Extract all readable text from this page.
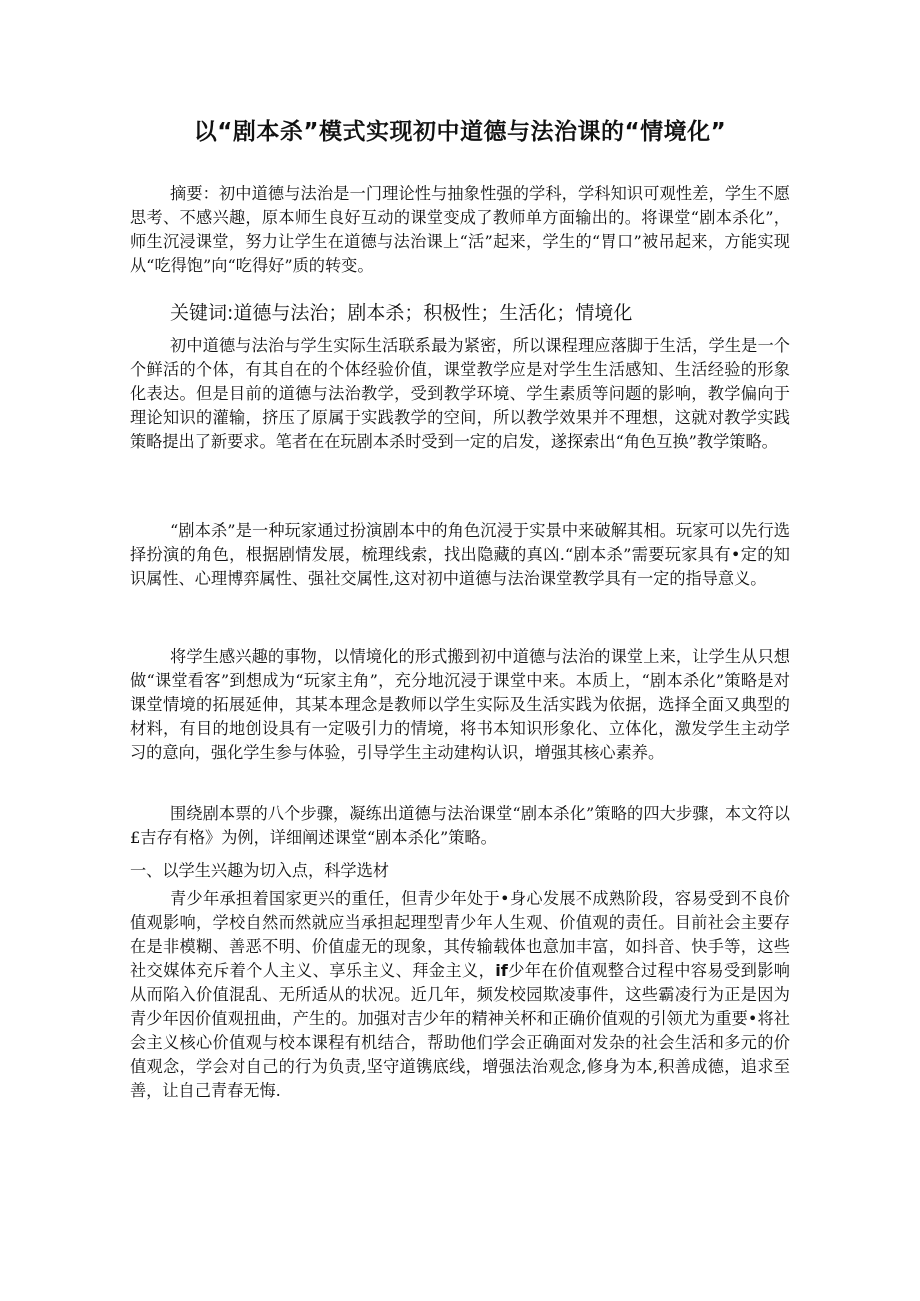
以“剧本杀”模式实现初中道德与法治课的“情境化”
摘要：初中道德与法治是一门理论性与抽象性强的学科，学科知识可观性差，学生不愿思考、不感兴趣，原本师生良好互动的课堂变成了教师单方面输出的。将课堂“剧本杀化”，师生沉浸课堂，努力让学生在道德与法治课上“活”起来，学生的“胃口”被吊起来，方能实现从“吃得饱”向“吃得好”质的转变。
关键词:道德与法治；剧本杀；积极性；生活化；情境化
初中道德与法治与学生实际生活联系最为紧密，所以课程理应落脚于生活，学生是一个个鲜活的个体，有其自在的个体经验价值，课堂教学应是对学生生活感知、生活经验的形象化表达。但是目前的道德与法治教学，受到教学环境、学生素质等问题的影响，教学偏向于理论知识的灌输，挤压了原属于实践教学的空间，所以教学效果并不理想，这就对教学实践策略提出了新要求。笔者在在玩剧本杀时受到一定的启发，遂探索出“角色互换”教学策略。
“剧本杀”是一种玩家通过扮演剧本中的角色沉浸于实景中来破解其相。玩家可以先行选择扮演的角色，根据剧情发展，梳理线索，找出隐藏的真凶.“剧本杀”需要玩家具有•定的知识属性、心理博弈属性、强社交属性,这对初中道德与法治课堂教学具有一定的指导意义。
将学生感兴趣的事物，以情境化的形式搬到初中道德与法治的课堂上来，让学生从只想做“课堂看客”到想成为“玩家主角”，充分地沉浸于课堂中来。本质上，“剧本杀化”策略是对课堂情境的拓展延伸，其某本理念是教师以学生实际及生活实践为依据，选择全面又典型的材料，有目的地创设具有一定吸引力的情境，将书本知识形象化、立体化，激发学生主动学习的意向，强化学生参与体验，引导学生主动建构认识，增强其核心素养。
围绕剧本票的八个步骤，凝练出道德与法治课堂“剧本杀化”策略的四大步骤，本文符以£吉存有格》为例，详细阐述课堂“剧本杀化”策略。
一、以学生兴趣为切入点，科学选材
青少年承担着国家更兴的重任，但青少年处于•身心发展不成熟阶段，容易受到不良价值观影响，学校自然而然就应当承担起理型青少年人生观、价值观的责任。目前社会主要存在是非模糊、善恶不明、价值虚无的现象，其传输载体也意加丰富，如抖音、快手等，这些社交媒体充斥着个人主义、享乐主义、拜金主义，if少年在价值观整合过程中容易受到影响从而陷入价值混乱、无所适从的状况。近几年，频发校园欺凌事件，这些霸凌行为正是因为青少年因价值观扭曲，产生的。加强对吉少年的精神关杯和正确价值观的引领尤为重要•将社会主义核心价值观与校本课程有机结合，帮助他们学会正确面对发杂的社会生活和多元的价值观念，学会对自己的行为负责,坚守道镌底线，增强法治观念,修身为本,积善成德，追求至善，让自己青春无悔.
